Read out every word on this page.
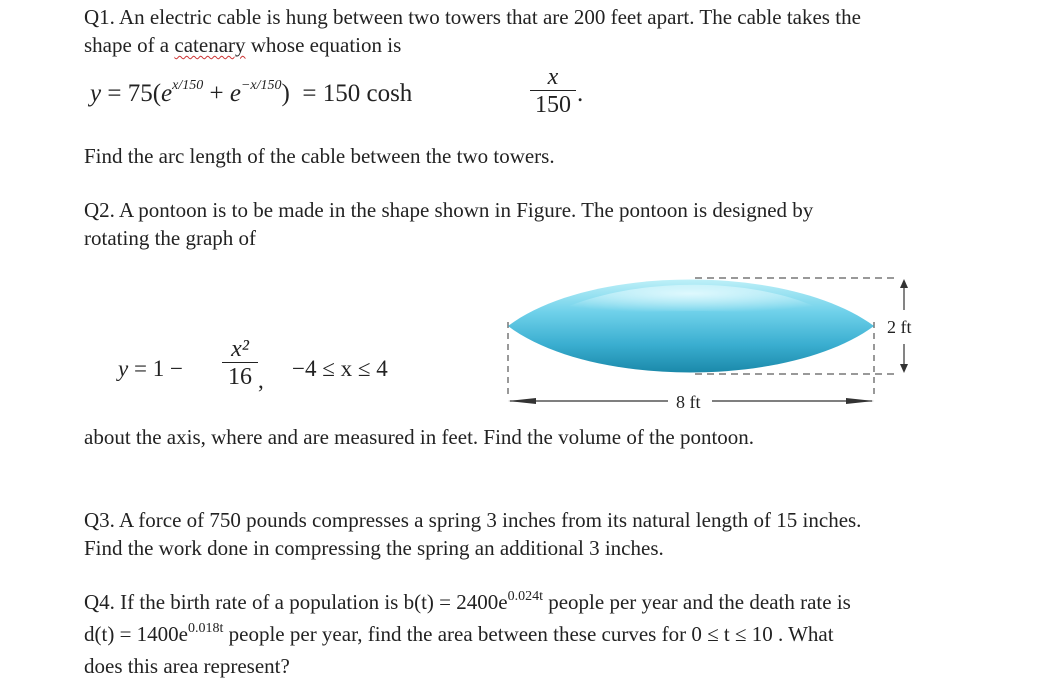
Q1. An electric cable is hung between two towers that are 200 feet apart. The cable takes the
shape of a catenary whose equation is

$y = 75(e^{x/150} + e^{-x/150}) = 150$ cosh
x
150 .

Find the arc length of the cable between the two towers.

Q2. A pontoon is to be made in the shape shown in Figure. The pontoon is designed by
rotating the graph of

y = 1 −
x²
16 , −4 ≤ x ≤ 4
2 ft
8 ft

about the axis, where and are measured in feet. Find the volume of the pontoon.

Q3. A force of 750 pounds compresses a spring 3 inches from its natural length of 15 inches.
Find the work done in compressing the spring an additional 3 inches.

Q4. If the birth rate of a population is $b(t) = 2400e^{0.024t}$ people per year and the death rate is
$d(t) = 1400e^{0.018t}$ people per year, find the area between these curves for 0 ≤ t ≤ 10 . What
does this area represent?
